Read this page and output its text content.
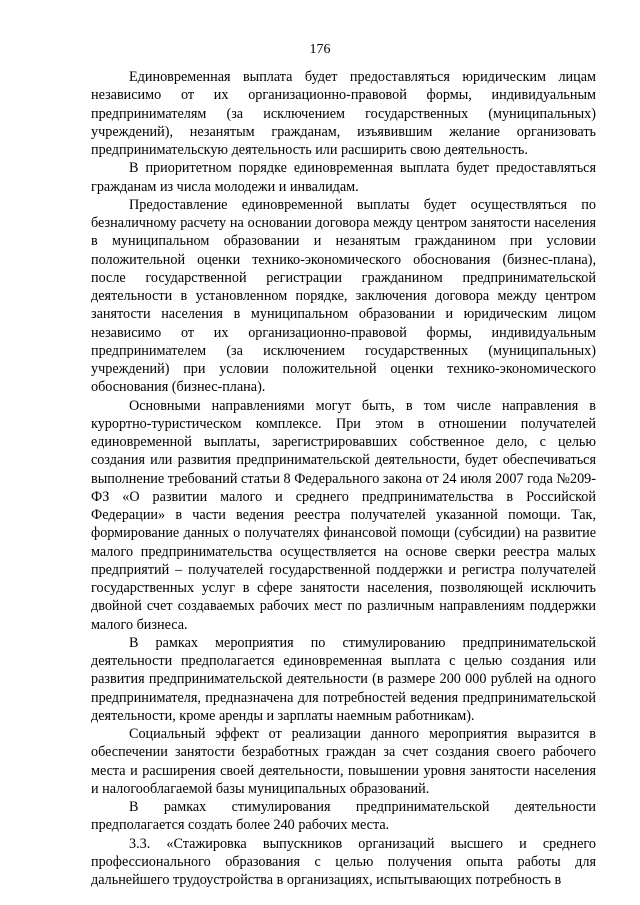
176

Единовременная выплата будет предоставляться юридическим лицам независимо от их организационно-правовой формы, индивидуальным предпринимателям (за исключением государственных (муниципальных) учреждений), незанятым гражданам, изъявившим желание организовать предпринимательскую деятельность или расширить свою деятельность.

В приоритетном порядке единовременная выплата будет предоставляться гражданам из числа молодежи и инвалидам.

Предоставление единовременной выплаты будет осуществляться по безналичному расчету на основании договора между центром занятости населения в муниципальном образовании и незанятым гражданином при условии положительной оценки технико-экономического обоснования (бизнес-плана), после государственной регистрации гражданином предпринимательской деятельности в установленном порядке, заключения договора между центром занятости населения в муниципальном образовании и юридическим лицом независимо от их организационно-правовой формы, индивидуальным предпринимателем (за исключением государственных (муниципальных) учреждений) при условии положительной оценки технико-экономического обоснования (бизнес-плана).

Основными направлениями могут быть, в том числе направления в курортно-туристическом комплексе. При этом в отношении получателей единовременной выплаты, зарегистрировавших собственное дело, с целью создания или развития предпринимательской деятельности, будет обеспечиваться выполнение требований статьи 8 Федерального закона от 24 июля 2007 года №209-ФЗ «О развитии малого и среднего предпринимательства в Российской Федерации» в части ведения реестра получателей указанной помощи. Так, формирование данных о получателях финансовой помощи (субсидии) на развитие малого предпринимательства осуществляется на основе сверки реестра малых предприятий – получателей государственной поддержки и регистра получателей государственных услуг в сфере занятости населения, позволяющей исключить двойной счет создаваемых рабочих мест по различным направлениям поддержки малого бизнеса.

В рамках мероприятия по стимулированию предпринимательской деятельности предполагается единовременная выплата с целью создания или развития предпринимательской деятельности (в размере 200 000 рублей на одного предпринимателя, предназначена для потребностей ведения предпринимательской деятельности, кроме аренды и зарплаты наемным работникам).

Социальный эффект от реализации данного мероприятия выразится в обеспечении занятости безработных граждан за счет создания своего рабочего места и расширения своей деятельности, повышении уровня занятости населения и налогооблагаемой базы муниципальных образований.

В рамках стимулирования предпринимательской деятельности предполагается создать более 240 рабочих места.

3.3. «Стажировка выпускников организаций высшего и среднего профессионального образования с целью получения опыта работы для дальнейшего трудоустройства в организациях, испытывающих потребность в
